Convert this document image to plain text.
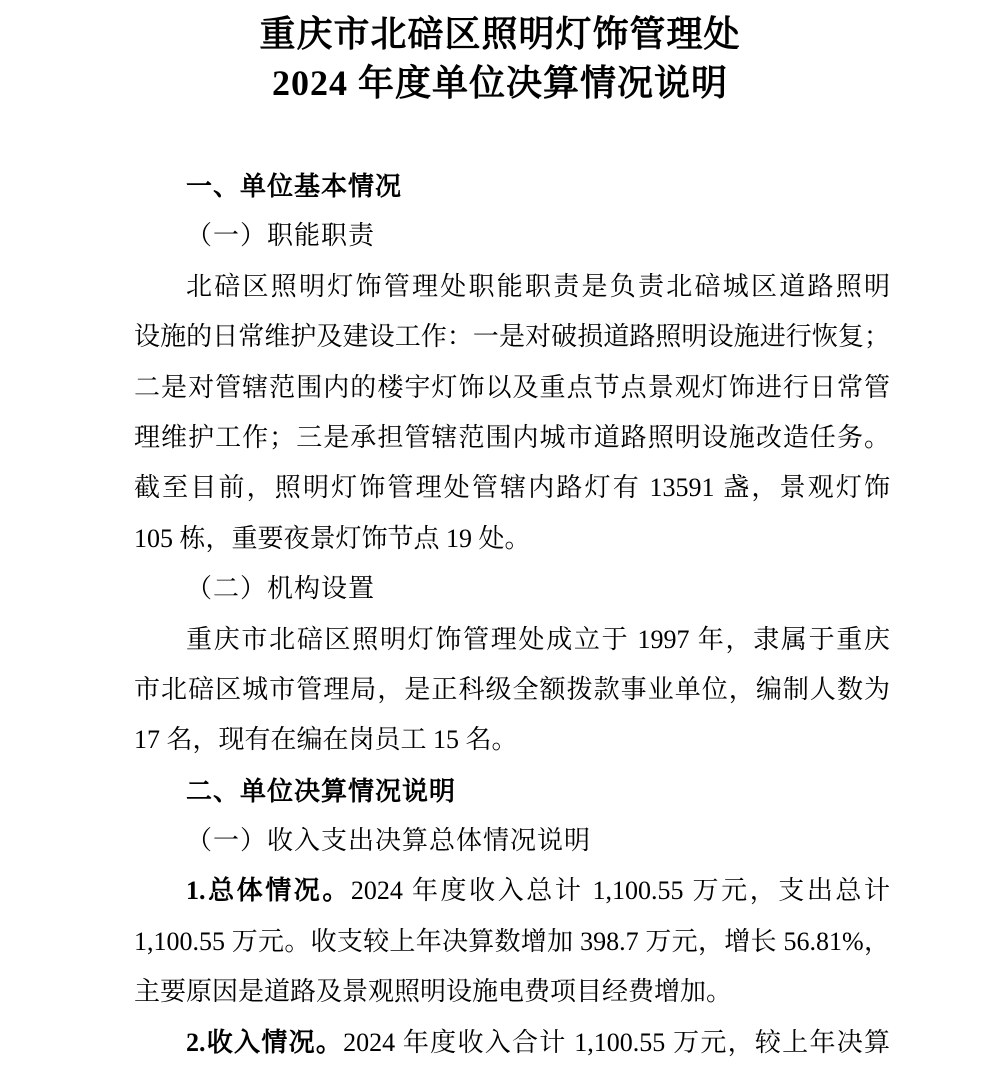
重庆市北碚区照明灯饰管理处
2024 年度单位决算情况说明
一、单位基本情况
（一）职能职责
北碚区照明灯饰管理处职能职责是负责北碚城区道路照明
设施的日常维护及建设工作：一是对破损道路照明设施进行恢复；
二是对管辖范围内的楼宇灯饰以及重点节点景观灯饰进行日常管
理维护工作；三是承担管辖范围内城市道路照明设施改造任务。
截至目前，照明灯饰管理处管辖内路灯有 13591 盏，景观灯饰
105 栋，重要夜景灯饰节点 19 处。
（二）机构设置
重庆市北碚区照明灯饰管理处成立于 1997 年，隶属于重庆
市北碚区城市管理局，是正科级全额拨款事业单位，编制人数为
17 名，现有在编在岗员工 15 名。
二、单位决算情况说明
（一）收入支出决算总体情况说明
1.总体情况。2024 年度收入总计 1,100.55 万元，支出总计
1,100.55 万元。收支较上年决算数增加 398.7 万元，增长 56.81%，
主要原因是道路及景观照明设施电费项目经费增加。
2.收入情况。2024 年度收入合计 1,100.55 万元，较上年决算
